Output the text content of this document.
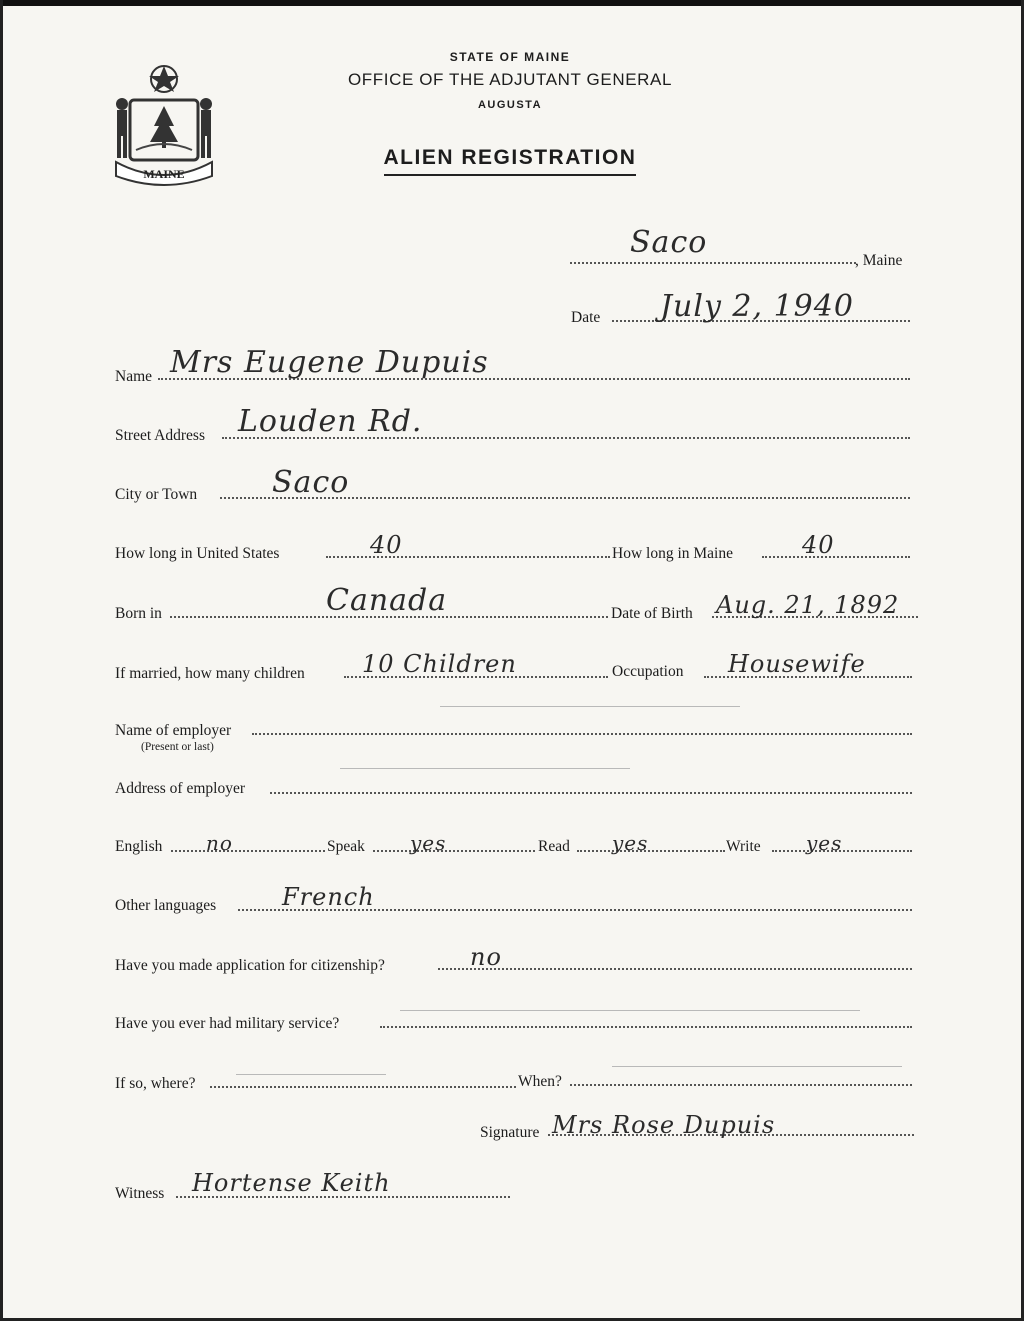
MAINE
STATE OF MAINE
OFFICE OF THE ADJUTANT GENERAL
AUGUSTA
ALIEN REGISTRATION
Saco
, Maine
Date July 2, 1940
Name Mrs Eugene Dupuis
Street Address Louden Rd.
City or Town Saco
How long in United States	40	How long in Maine	40
Born in	Canada	Date of Birth Aug. 21, 1892
If married, how many children 10 Children	Occupation Housewife
Name of employer
(Present or last)
Address of employer
English no	Speak yes	Read yes	Write yes
Other languages	French
Have you made application for citizenship?	no
Have you ever had military service?
If so, where?	When?
Signature Mrs Rose Dupuis
Witness Hortense Keith
